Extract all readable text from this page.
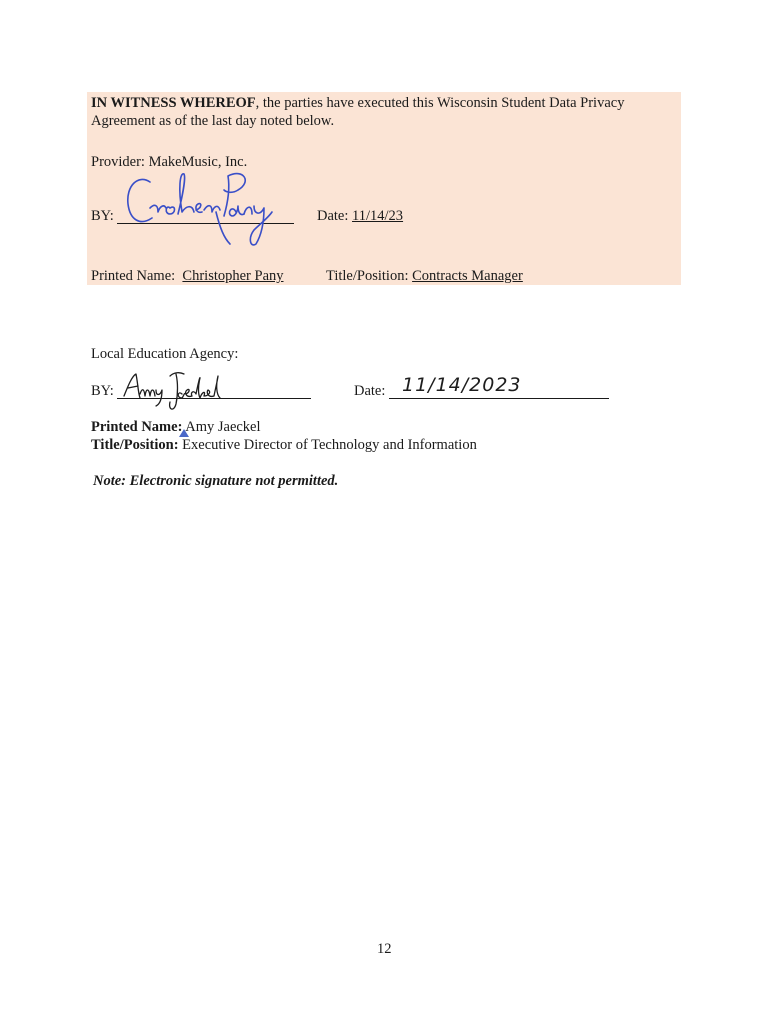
IN WITNESS WHEREOF, the parties have executed this Wisconsin Student Data Privacy
Agreement as of the last day noted below.
Provider: MakeMusic, Inc.
BY:	Date: 11/14/23
Printed Name: Christopher Pany	Title/Position: Contracts Manager
Local Education Agency:
BY:	Date: 11/14/2023
Printed Name: Amy Jaeckel
Title/Position: Executive Director of Technology and Information
Note: Electronic signature not permitted.
12
